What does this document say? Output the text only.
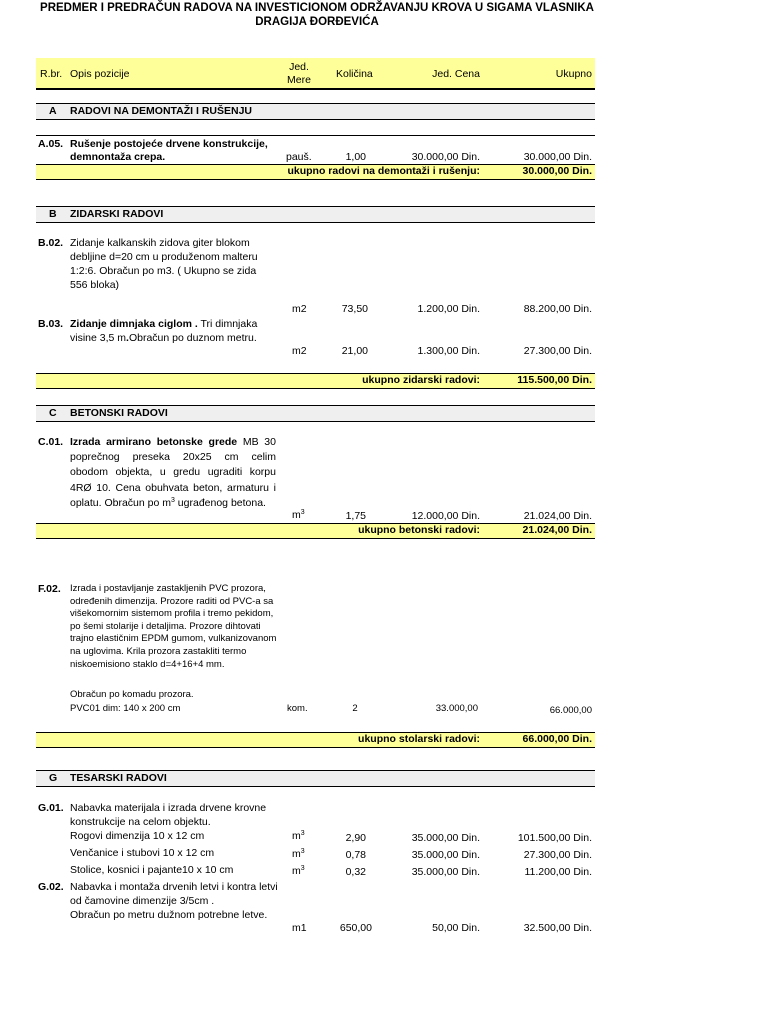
PREDMER I PREDRAČUN RADOVA NA INVESTICIONOM ODRŽAVANJU KROVA U SIGAMA VLASNIKA
DRAGIJA ĐORĐEVIĆA
R.br. Opis pozicije
Jed.
Mere	Količina	Jed. Cena	Ukupno
A RADOVI NA DEMONTAŽI I RUŠENJU
A.05. Rušenje postojeće drvene konstrukcije,
demnontaža crepa.	pauš.	1,00	30.000,00 Din.	30.000,00 Din.
ukupno radovi na demontaži i rušenju:	30.000,00 Din.
B ZIDARSKI RADOVI
B.02. Zidanje kalkanskih zidova giter blokom debljine d=20 cm u produženom malteru 1:2:6. Obračun po m3. ( Ukupno se zida 556 bloka)
m2	73,50	1.200,00 Din.	88.200,00 Din.
B.03. Zidanje dimnjaka ciglom . Tri dimnjaka visine 3,5 m.Obračun po duznom metru.
m2	21,00	1.300,00 Din.	27.300,00 Din.
ukupno zidarski radovi:	115.500,00 Din.
C BETONSKI RADOVI
C.01. Izrada armirano betonske grede MB 30 poprečnog preseka 20x25 cm celim obodom objekta, u gredu ugraditi korpu 4RØ 10. Cena obuhvata beton, armaturu i oplatu. Obračun po $m^3$ ugrađenog betona.
$m^3$	1,75	12.000,00 Din.	21.024,00 Din.
ukupno betonski radovi:	21.024,00 Din.
F.02. Izrada i postavljanje zastakljenih PVC prozora, određenih dimenzija. Prozore raditi od PVC-a sa višekomornim sistemom profila i tremo pekidom, po šemi stolarije i detaljima. Prozore dihtovati trajno elastičnim EPDM gumom, vulkanizovanom na uglovima. Krila prozora zastakliti termo niskoemisiono staklo d=4+16+4 mm.
Obračun po komadu prozora.
PVC01 dim: 140 x 200 cm	kom.	2	33.000,00	66.000,00
ukupno stolarski radovi:	66.000,00 Din.
G TESARSKI RADOVI
G.01. Nabavka materijala i izrada drvene krovne konstrukcije na celom objektu.
Rogovi dimenzija 10 x 12 cm	$m^3$	2,90	35.000,00 Din.	101.500,00 Din.
Venčanice i stubovi 10 x 12 cm	$m^3$	0,78	35.000,00 Din.	27.300,00 Din.
Stolice, kosnici i pajante10 x 10 cm	$m^3$	0,32	35.000,00 Din.	11.200,00 Din.
G.02. Nabavka i montaža drvenih letvi i kontra letvi od čamovine dimenzije 3/5cm .
Obračun po metru dužnom potrebne letve.
m1	650,00	50,00 Din.	32.500,00 Din.
